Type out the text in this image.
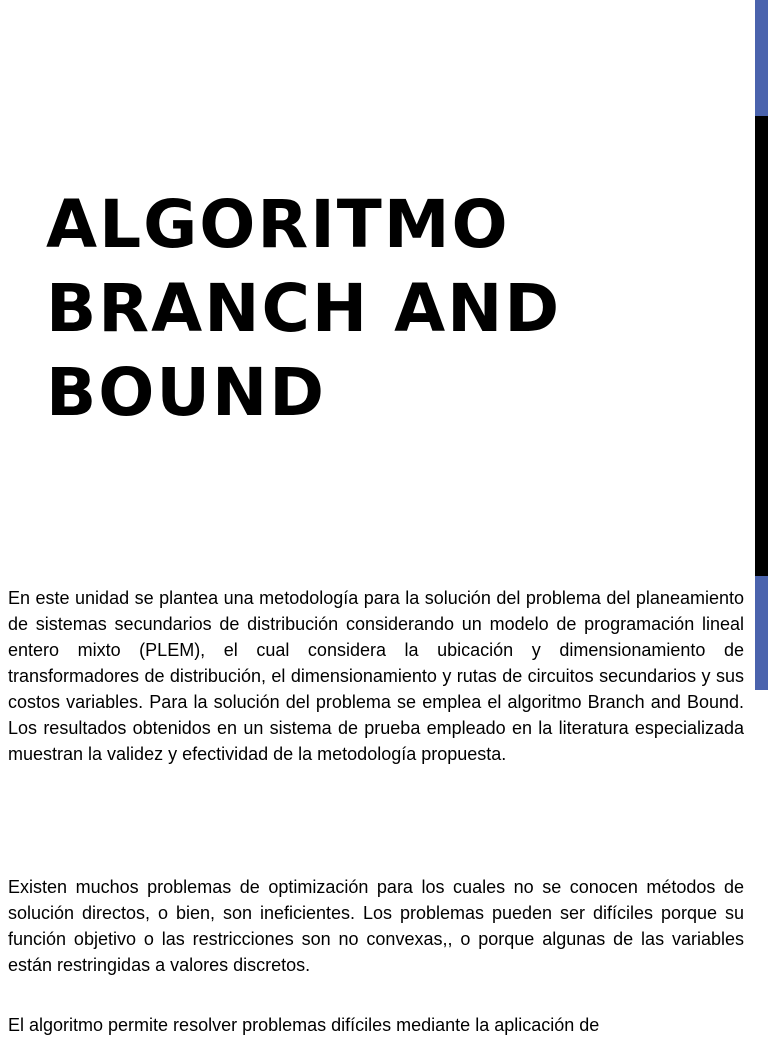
ALGORITMO
BRANCH AND
BOUND

En este unidad se plantea una metodología para la solución del problema del planeamiento de sistemas secundarios de distribución considerando un modelo de programación lineal entero mixto (PLEM), el cual considera la ubicación y dimensionamiento de transformadores de distribución, el dimensionamiento y rutas de circuitos secundarios y sus costos variables. Para la solución del problema se emplea el algoritmo Branch and Bound. Los resultados obtenidos en un sistema de prueba empleado en la literatura especializada muestran la validez y efectividad de la metodología propuesta.

Existen muchos problemas de optimización para los cuales no se conocen métodos de solución directos, o bien, son ineficientes. Los problemas pueden ser difíciles porque su función objetivo o las restricciones son no convexas,, o porque algunas de las variables están restringidas a valores discretos.

El algoritmo permite resolver problemas difíciles mediante la aplicación de
